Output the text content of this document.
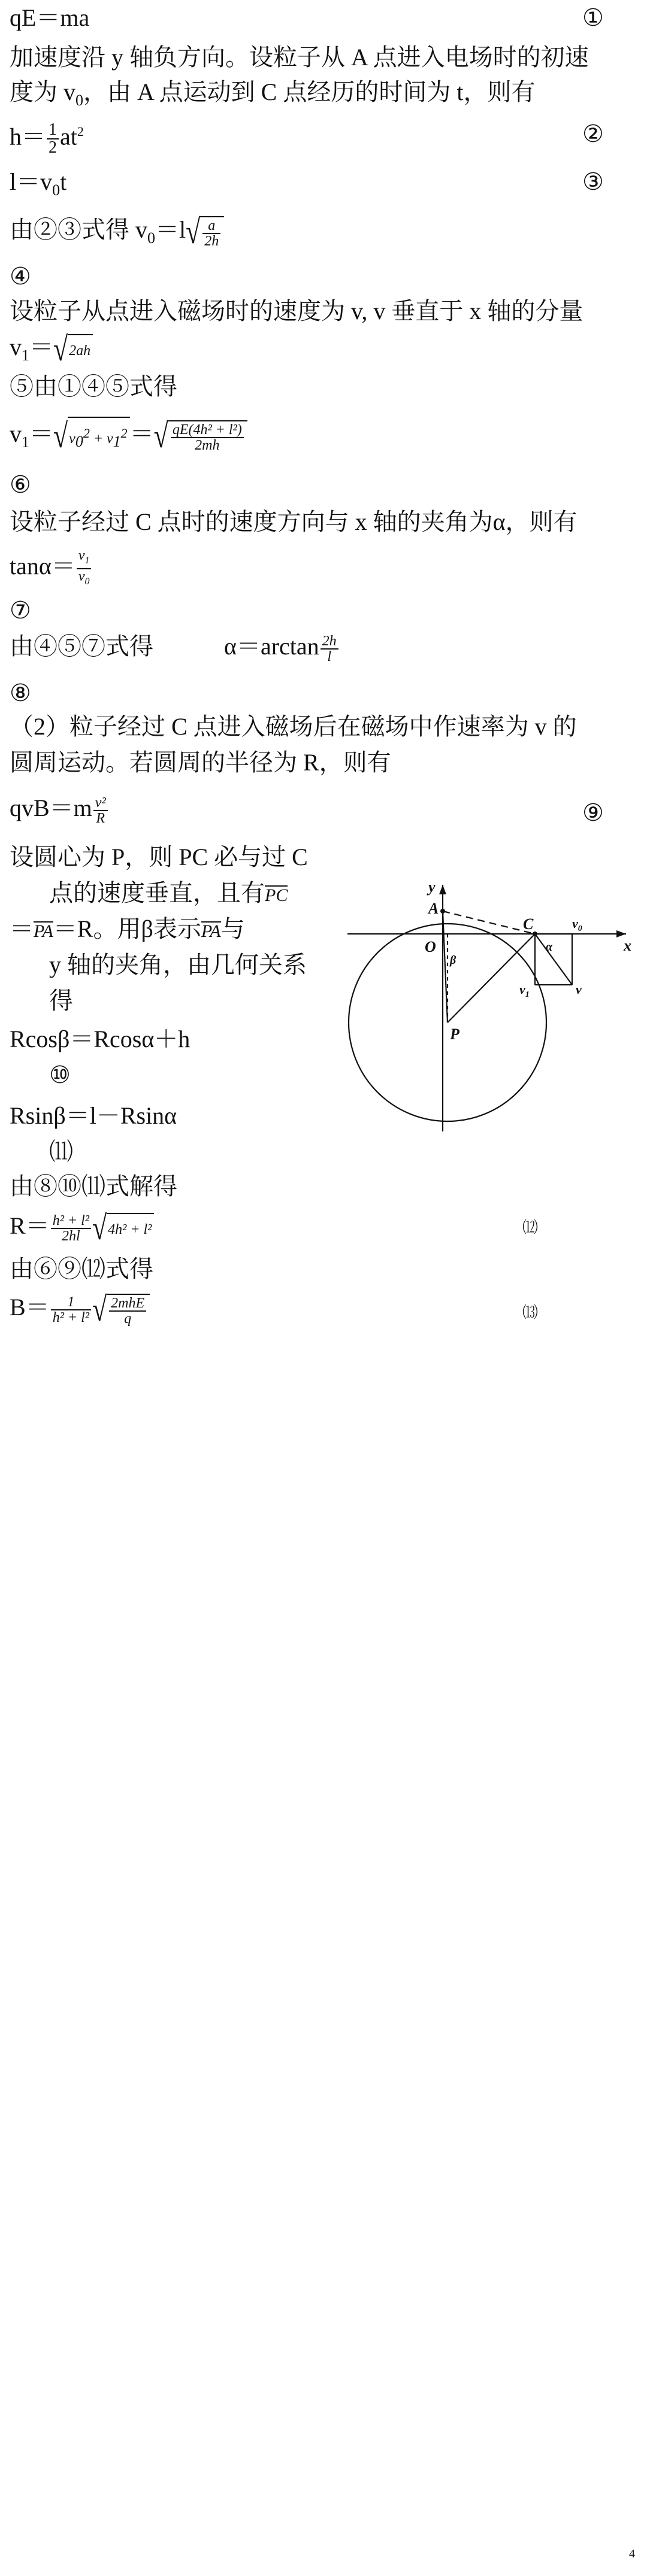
qE＝ma	①
加速度沿 y 轴负方向。设粒子从 A 点进入电场时的初速
度为 $v_0$，由 A 点运动到 C 点经历的时间为 t，则有
$h= \frac{1}{2} at^2$	②
$l=v_0t$	③
由②③式得 $v_0=l√ \frac{a}{2h}$
④
设粒子从点进入磁场时的速度为 v, v 垂直于 x 轴的分量
$v_1=√2ah$
⑤由①④⑤式得
$v_1=√v_0^2 + v_1^2$ ＝√ $\frac{\text{qE(4h² + l²)}}{2mh}$
⑥
设粒子经过 C 点时的速度方向与 x 轴的夹角为α，则有
$\tan\alpha= \frac{v_1}{v_0}$
⑦
由④⑤⑦式得	$\alpha=\arctan \frac{2h}{l}$
⑧
（2）粒子经过 C 点进入磁场后在磁场中作速率为 v 的
圆周运动。若圆周的半径为 R，则有
$qvB=m \frac{\text{v²}}{R}$	⑨
设圆心为 P，则 PC 必与过 C
点的速度垂直，且有PC
＝PA＝R。用β表示PA与
y 轴的夹角，由几何关系
得
Rcosβ＝Rcosα＋h
⑩
Rsinβ＝l－Rsinα
⑾
由⑧⑩⑾式解得
$R= \frac{\text{h² + l²}}{2hl} √4h^2 + l^2$	⑿
由⑥⑨⑿式得
$B= \frac{1}{\text{h² + l²}}$ √ $\frac{\text{2mhE}}{q}$	⒀
y
x
A
O
C
P
β
α
v
$v_1$
$v_0$
4
